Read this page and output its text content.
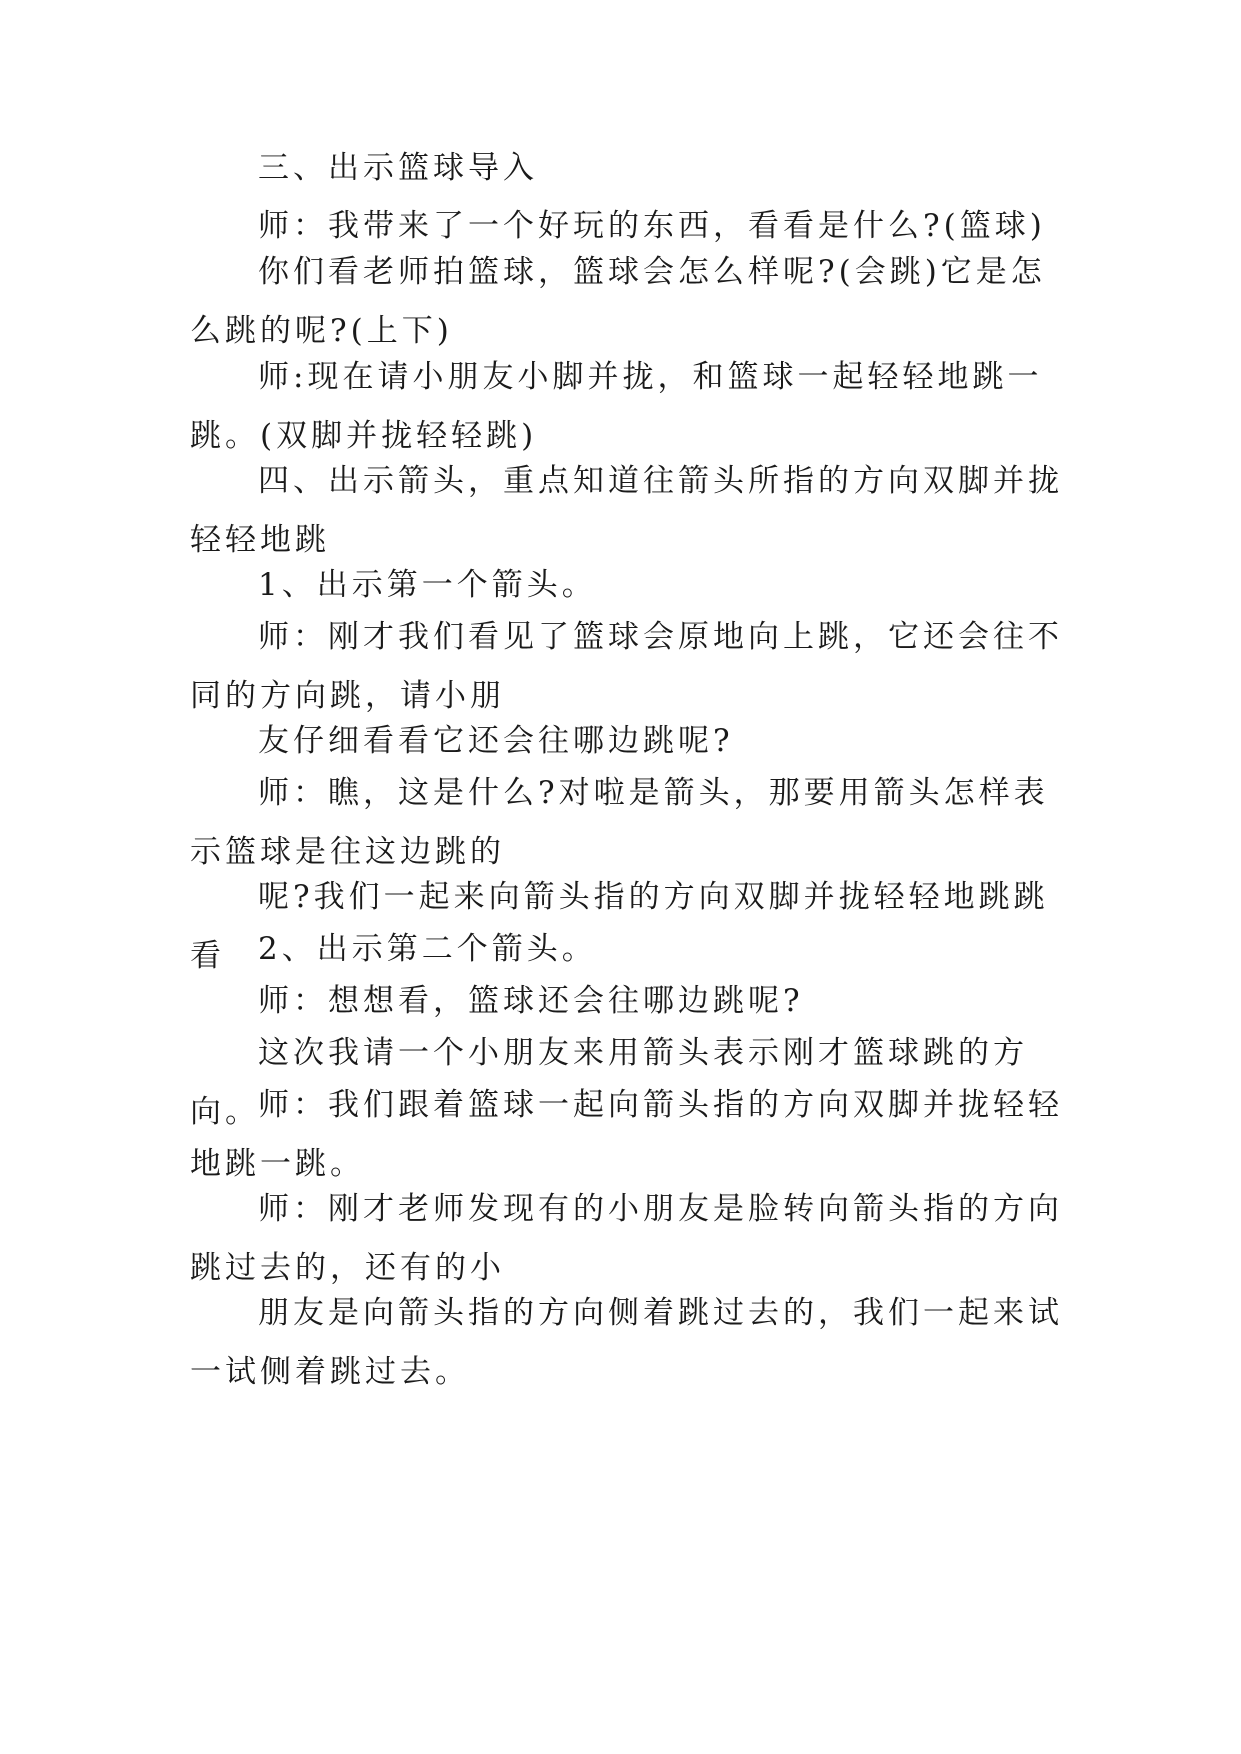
三、出示篮球导入

师：我带来了一个好玩的东西，看看是什么?(篮球)

你们看老师拍篮球，篮球会怎么样呢?(会跳)它是怎么跳的呢?(上下)

师:现在请小朋友小脚并拢，和篮球一起轻轻地跳一跳。(双脚并拢轻轻跳)

四、出示箭头，重点知道往箭头所指的方向双脚并拢轻轻地跳

1、出示第一个箭头。

师：刚才我们看见了篮球会原地向上跳，它还会往不同的方向跳，请小朋

友仔细看看它还会往哪边跳呢?

师：瞧，这是什么?对啦是箭头，那要用箭头怎样表示篮球是往这边跳的

呢?我们一起来向箭头指的方向双脚并拢轻轻地跳跳看	2、出示第二个箭头。

师：想想看，篮球还会往哪边跳呢?

这次我请一个小朋友来用箭头表示刚才篮球跳的方向。

师：我们跟着篮球一起向箭头指的方向双脚并拢轻轻地跳一跳。

师：刚才老师发现有的小朋友是脸转向箭头指的方向跳过去的，还有的小

朋友是向箭头指的方向侧着跳过去的，我们一起来试一试侧着跳过去。
